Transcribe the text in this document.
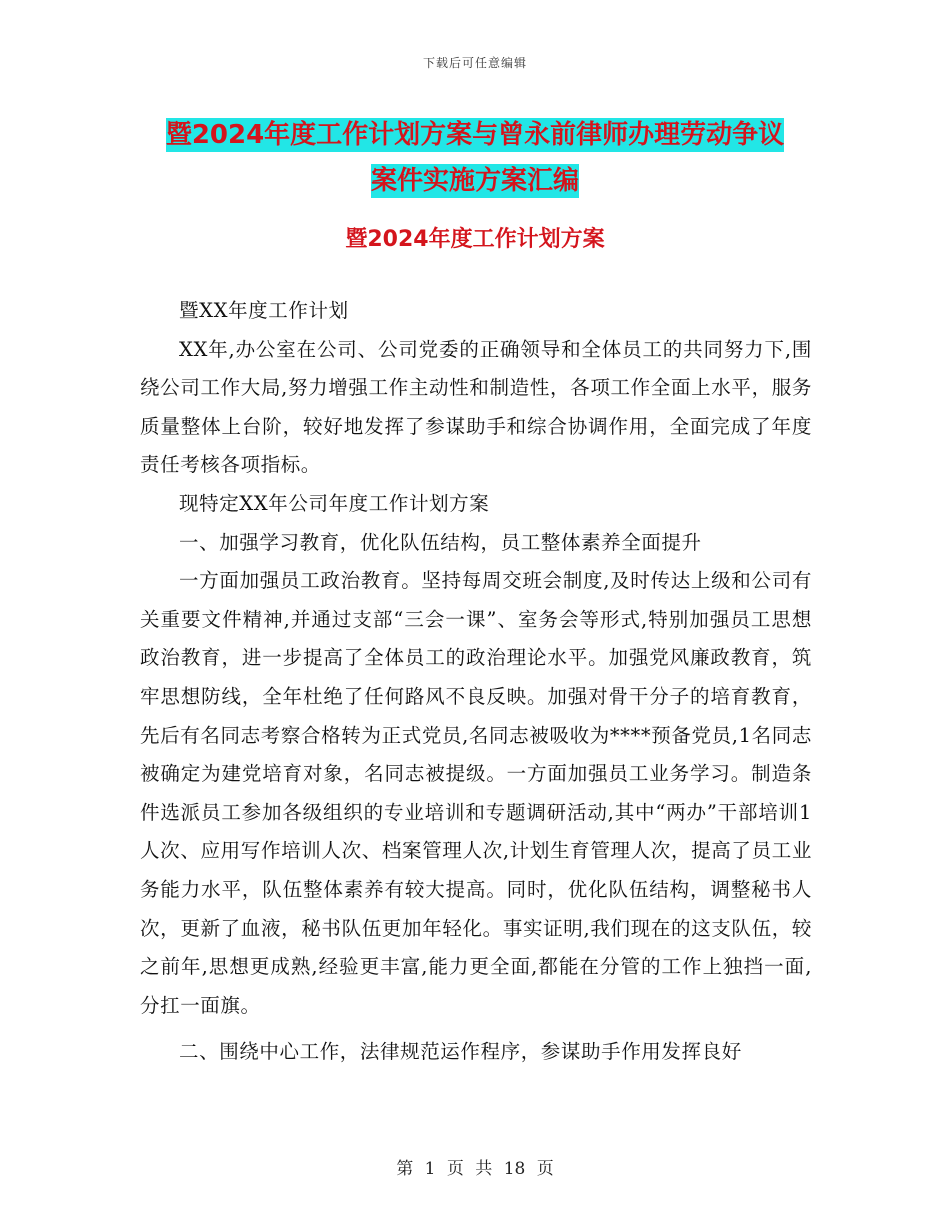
下载后可任意编辑
暨2024年度工作计划方案与曾永前律师办理劳动争议
案件实施方案汇编
暨2024年度工作计划方案

暨XX年度工作计划

XX年,办公室在公司、公司党委的正确领导和全体员工的共同努力下,围绕公司工作大局,努力增强工作主动性和制造性，各项工作全面上水平，服务质量整体上台阶，较好地发挥了参谋助手和综合协调作用，全面完成了年度责任考核各项指标。

现特定XX年公司年度工作计划方案

一、加强学习教育，优化队伍结构，员工整体素养全面提升

一方面加强员工政治教育。坚持每周交班会制度,及时传达上级和公司有关重要文件精神,并通过支部“三会一课”、室务会等形式,特别加强员工思想政治教育，进一步提高了全体员工的政治理论水平。加强党风廉政教育，筑牢思想防线，全年杜绝了任何路风不良反映。加强对骨干分子的培育教育，先后有名同志考察合格转为正式党员,名同志被吸收为****预备党员,1名同志被确定为建党培育对象，名同志被提级。一方面加强员工业务学习。制造条件选派员工参加各级组织的专业培训和专题调研活动,其中“两办”干部培训1人次、应用写作培训人次、档案管理人次,计划生育管理人次，提高了员工业务能力水平，队伍整体素养有较大提高。同时，优化队伍结构，调整秘书人次，更新了血液，秘书队伍更加年轻化。事实证明,我们现在的这支队伍，较之前年,思想更成熟,经验更丰富,能力更全面,都能在分管的工作上独挡一面,分扛一面旗。

二、围绕中心工作，法律规范运作程序，参谋助手作用发挥良好

第 1 页 共 18 页
